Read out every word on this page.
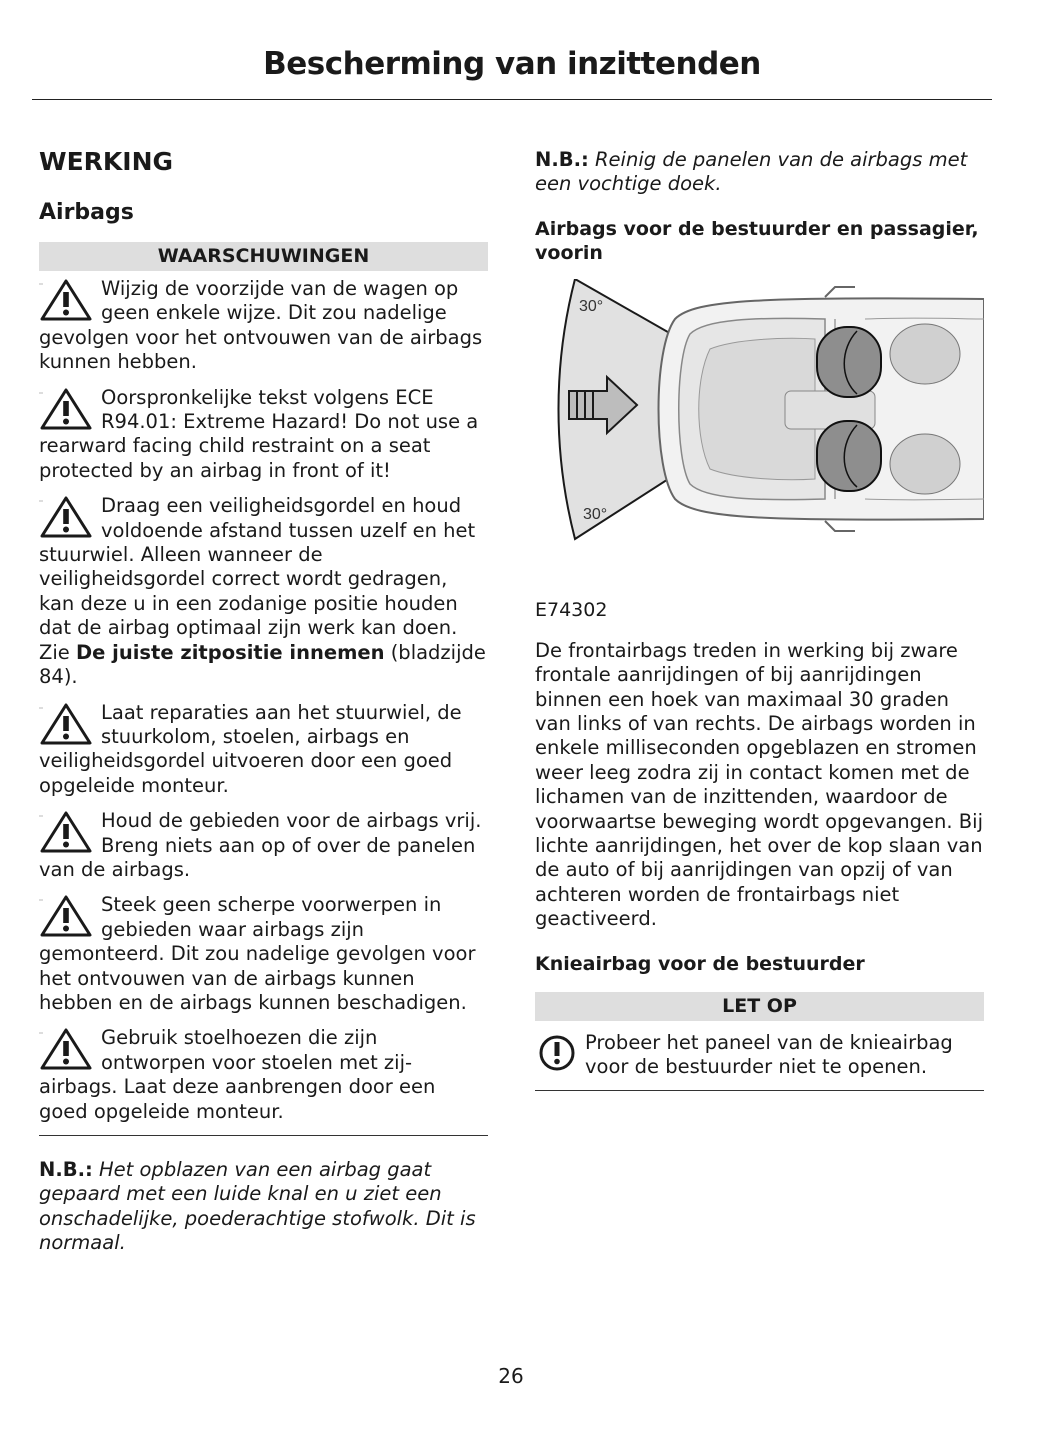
Bescherming van inzittenden
WERKING
Airbags
WAARSCHUWINGEN
Wijzig de voorzijde van de wagen op geen enkele wijze. Dit zou nadelige gevolgen voor het ontvouwen van de airbags kunnen hebben.
Oorspronkelijke tekst volgens ECE R94.01: Extreme Hazard! Do not use a rearward facing child restraint on a seat protected by an airbag in front of it!
Draag een veiligheidsgordel en houd voldoende afstand tussen uzelf en het stuurwiel. Alleen wanneer de veiligheidsgordel correct wordt gedragen, kan deze u in een zodanige positie houden dat de airbag optimaal zijn werk kan doen. Zie De juiste zitpositie innemen (bladzijde 84).
Laat reparaties aan het stuurwiel, de stuurkolom, stoelen, airbags en veiligheidsgordel uitvoeren door een goed opgeleide monteur.
Houd de gebieden voor de airbags vrij. Breng niets aan op of over de panelen van de airbags.
Steek geen scherpe voorwerpen in gebieden waar airbags zijn gemonteerd. Dit zou nadelige gevolgen voor het ontvouwen van de airbags kunnen hebben en de airbags kunnen beschadigen.
Gebruik stoelhoezen die zijn ontworpen voor stoelen met zij-airbags. Laat deze aanbrengen door een goed opgeleide monteur.

N.B.: Het opblazen van een airbag gaat gepaard met een luide knal en u ziet een onschadelijke, poederachtige stofwolk. Dit is normaal.

N.B.: Reinig de panelen van de airbags met een vochtige doek.

Airbags voor de bestuurder en passagier, voorin
30°
30°
E74302

De frontairbags treden in werking bij zware frontale aanrijdingen of bij aanrijdingen binnen een hoek van maximaal 30 graden van links of van rechts. De airbags worden in enkele milliseconden opgeblazen en stromen weer leeg zodra zij in contact komen met de lichamen van de inzittenden, waardoor de voorwaartse beweging wordt opgevangen. Bij lichte aanrijdingen, het over de kop slaan van de auto of bij aanrijdingen van opzij of van achteren worden de frontairbags niet geactiveerd.

Knieairbag voor de bestuurder
LET OP
Probeer het paneel van de knieairbag voor de bestuurder niet te openen.
26
